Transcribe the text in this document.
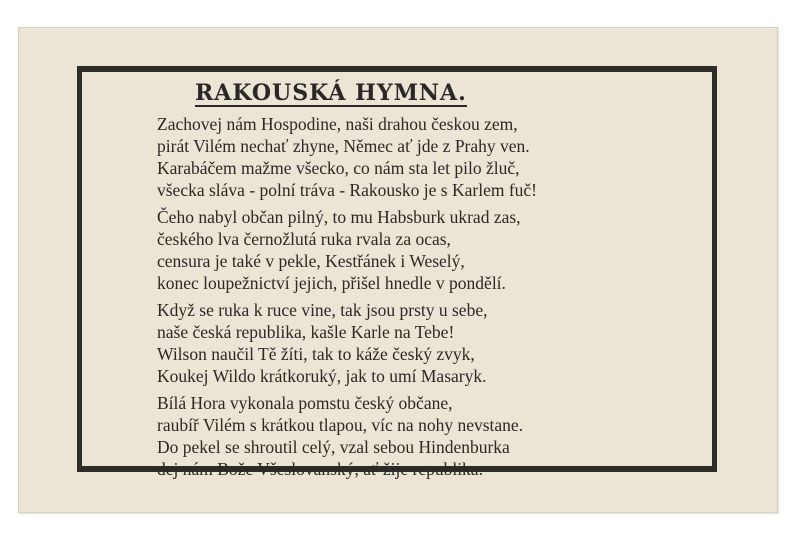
RAKOUSKÁ HYMNA.
Zachovej nám Hospodine, naši drahou českou zem,
pirát Vilém nechať zhyne, Němec ať jde z Prahy ven.
Karabáčem mažme všecko, co nám sta let pilo žluč,
všecka sláva - polní tráva - Rakousko je s Karlem fuč!
Čeho nabyl občan pilný, to mu Habsburk ukrad zas,
českého lva černožlutá ruka rvala za ocas,
censura je také v pekle, Kestřánek i Weselý,
konec loupežnictví jejich, přišel hnedle v pondělí.
Když se ruka k ruce vine, tak jsou prsty u sebe,
naše česká republika, kašle Karle na Tebe!
Wilson naučil Tě žíti, tak to káže český zvyk,
Koukej Wildo krátkoruký, jak to umí Masaryk.
Bílá Hora vykonala pomstu český občane,
raubíř Vilém s krátkou tlapou, víc na nohy nevstane.
Do pekel se shroutil celý, vzal sebou Hindenburka
dej nám Bože Všeslovanský, ať žije republika.
